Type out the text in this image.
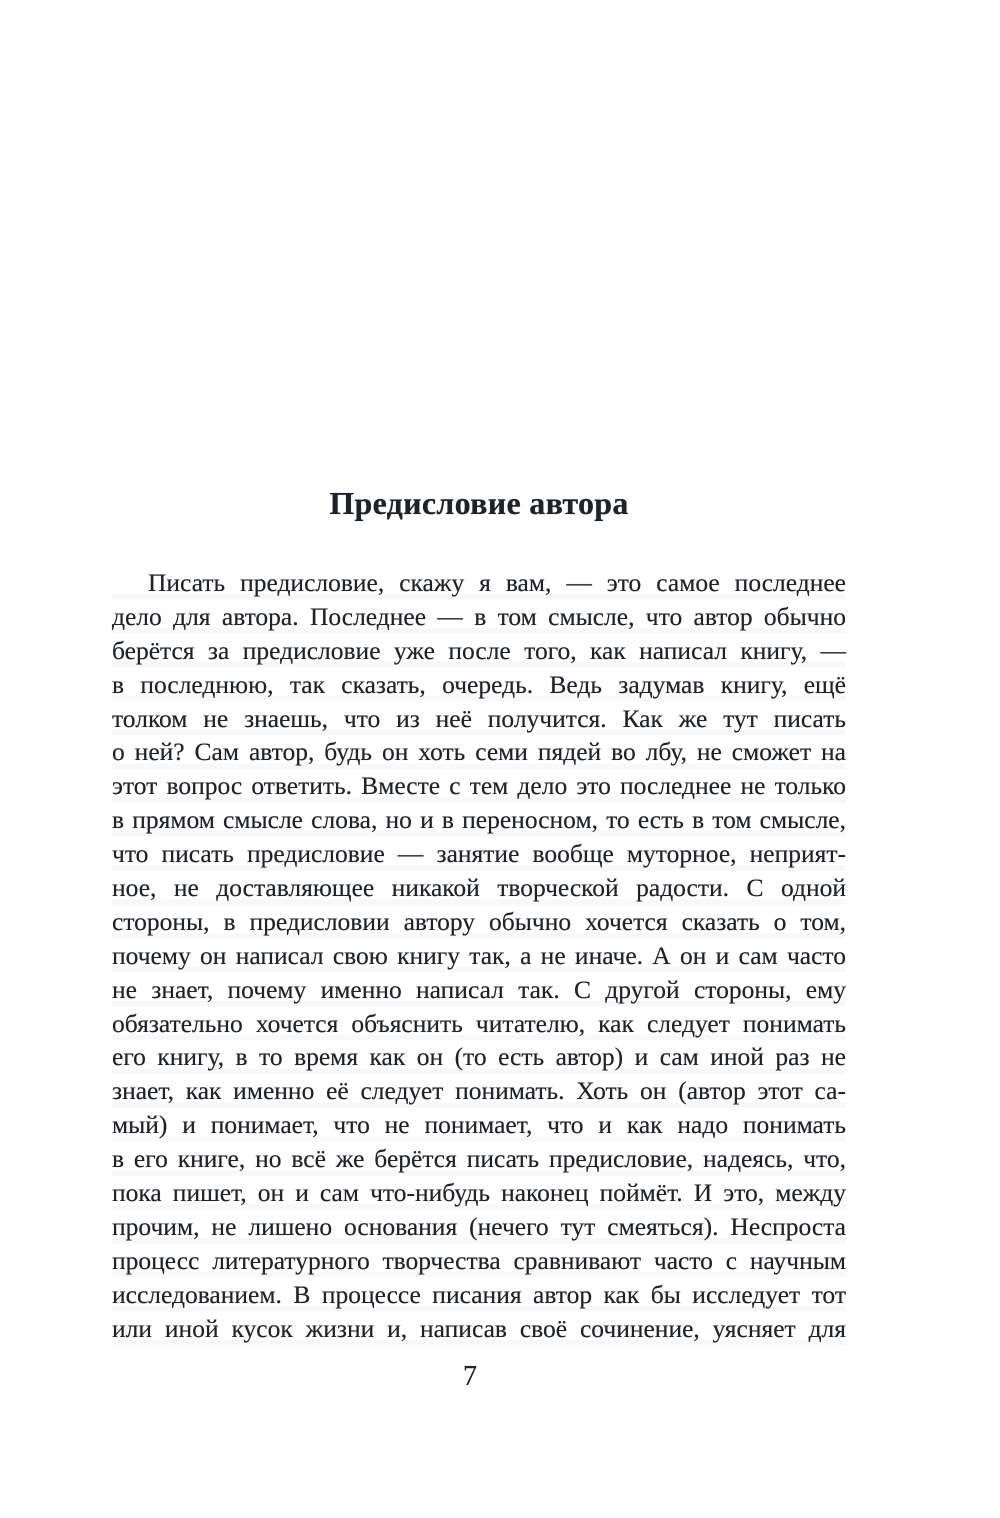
Предисловие автора
Писать предисловие, скажу я вам, — это самое последнее
дело для автора. Последнее — в том смысле, что автор обычно
берётся за предисловие уже после того, как написал книгу, —
в последнюю, так сказать, очередь. Ведь задумав книгу, ещё
толком не знаешь, что из неё получится. Как же тут писать
о ней? Сам автор, будь он хоть семи пядей во лбу, не сможет на
этот вопрос ответить. Вместе с тем дело это последнее не только
в прямом смысле слова, но и в переносном, то есть в том смысле,
что писать предисловие — занятие вообще муторное, неприят-
ное, не доставляющее никакой творческой радости. С одной
стороны, в предисловии автору обычно хочется сказать о том,
почему он написал свою книгу так, а не иначе. А он и сам часто
не знает, почему именно написал так. С другой стороны, ему
обязательно хочется объяснить читателю, как следует понимать
его книгу, в то время как он (то есть автор) и сам иной раз не
знает, как именно её следует понимать. Хоть он (автор этот са-
мый) и понимает, что не понимает, что и как надо понимать
в его книге, но всё же берётся писать предисловие, надеясь, что,
пока пишет, он и сам что-нибудь наконец поймёт. И это, между
прочим, не лишено основания (нечего тут смеяться). Неспроста
процесс литературного творчества сравнивают часто с научным
исследованием. В процессе писания автор как бы исследует тот
или иной кусок жизни и, написав своё сочинение, уясняет для
7
